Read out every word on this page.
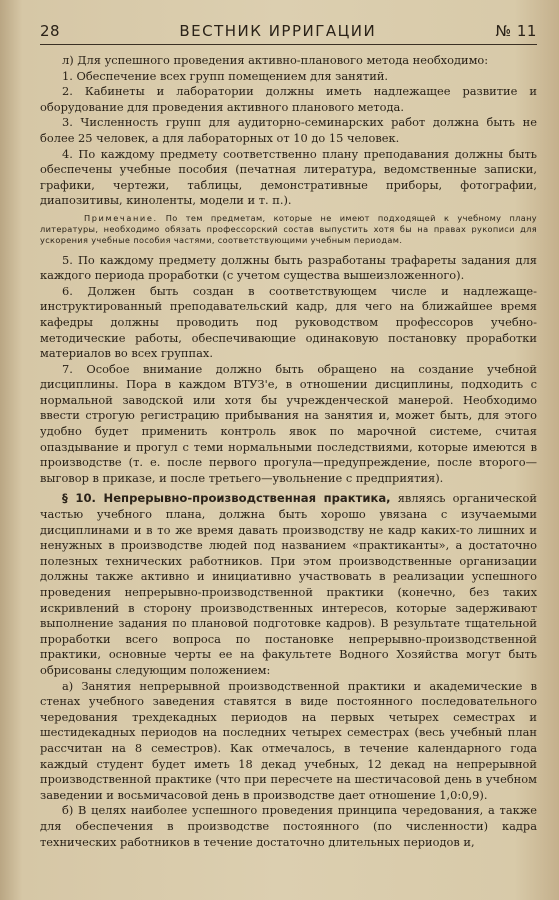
28	ВЕСТНИК ИРРИГАЦИИ	№ 11

л) Для успешного проведения активно-планового метода необходимо:

1. Обеспечение всех групп помещением для занятий.

2. Кабинеты и лаборатории должны иметь надлежащее развитие и оборудование для проведения активного планового метода.

3. Численность групп для аудиторно-семинарских работ должна быть не более 25 человек, а для лабораторных от 10 до 15 человек.

4. По каждому предмету соответственно плану преподавания должны быть обеспечены учебные пособия (печатная литература, ведомственные записки, графики, чертежи, таблицы, демонстративные приборы, фотографии, диапозитивы, киноленты, модели и т. п.).

Примечание. По тем предметам, которые не имеют подходящей к учебному плану литературы, необходимо обязать профессорский состав выпустить хотя бы на правах рукописи для ускорения учебные пособия частями, соответствующими учебным периодам.

5. По каждому предмету должны быть разработаны трафареты задания для каждого периода проработки (с учетом существа вышеизложенного).

6. Должен быть создан в соответствующем числе и надлежаще-инструктированный преподавательский кадр, для чего на ближайшее время кафедры должны проводить под руководством профессоров учебно-методические работы, обеспечивающие одинаковую постановку проработки материалов во всех группах.

7. Особое внимание должно быть обращено на создание учебной дисциплины. Пора в каждом ВТУЗ'е, в отношении дисциплины, подходить с нормальной заводской или хотя бы учрежденческой манерой. Необходимо ввести строгую регистрацию прибывания на занятия и, может быть, для этого удобно будет применить контроль явок по марочной системе, считая опаздывание и прогул с теми нормальными последствиями, которые имеются в производстве (т. е. после первого прогула—предупреждение, после второго—выговор в приказе, и после третьего—увольнение с предприятия).

§ 10. Непрерывно-производственная практика, являясь органической частью учебного плана, должна быть хорошо увязана с изучаемыми дисциплинами и в то же время давать производству не кадр каких-то лишних и ненужных в производстве людей под названием «практиканты», а достаточно полезных технических работников. При этом производственные организации должны также активно и инициативно участвовать в реализации успешного проведения непрерывно-производственной практики (конечно, без таких искривлений в сторону производственных интересов, которые задерживают выполнение задания по плановой подготовке кадров). В результате тщательной проработки всего вопроса по постановке непрерывно-производственной практики, основные черты ее на факультете Водного Хозяйства могут быть обрисованы следующим положением:

а) Занятия непрерывной производственной практики и академические в стенах учебного заведения ставятся в виде постоянного последовательного чередования трехдекадных периодов на первых четырех семестрах и шестидекадных периодов на последних четырех семестрах (весь учебный план рассчитан на 8 семестров). Как отмечалось, в течение календарного года каждый студент будет иметь 18 декад учебных, 12 декад на непрерывной производственной практике (что при пересчете на шестичасовой день в учебном заведении и восьмичасовой день в производстве дает отношение 1,0:0,9).

б) В целях наиболее успешного проведения принципа чередования, а также для обеспечения в производстве постоянного (по численности) кадра технических работников в течение достаточно длительных периодов и,
